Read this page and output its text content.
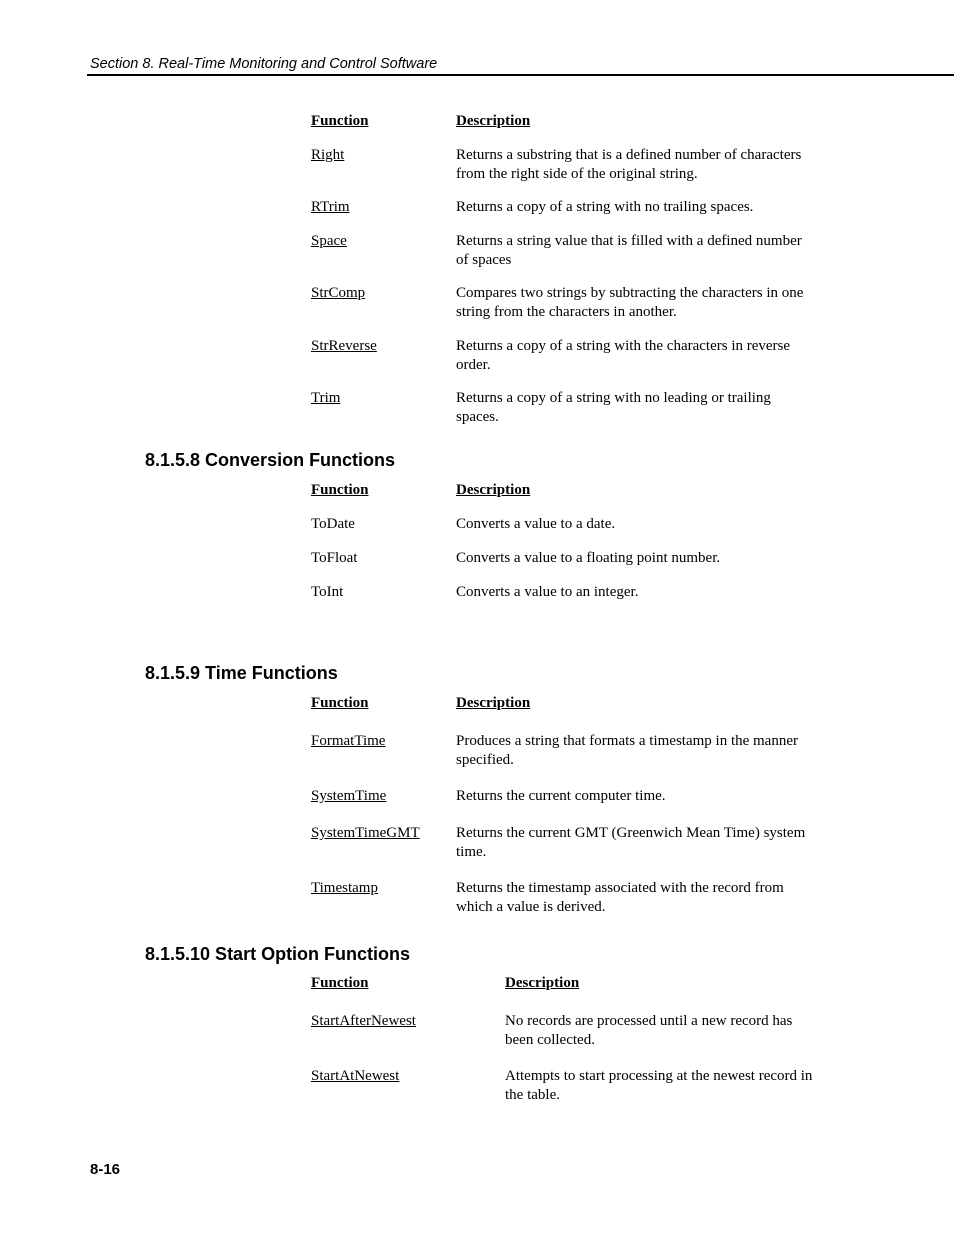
Section 8. Real-Time Monitoring and Control Software
Function	Description
Right	Returns a substring that is a defined number of characters from the right side of the original string.
RTrim	Returns a copy of a string with no trailing spaces.
Space	Returns a string value that is filled with a defined number of spaces
StrComp	Compares two strings by subtracting the characters in one string from the characters in another.
StrReverse	Returns a copy of a string with the characters in reverse order.
Trim	Returns a copy of a string with no leading or trailing spaces.
8.1.5.8 Conversion Functions
Function	Description
ToDate	Converts a value to a date.
ToFloat	Converts a value to a floating point number.
ToInt	Converts a value to an integer.
8.1.5.9 Time Functions
Function	Description
FormatTime	Produces a string that formats a timestamp in the manner specified.
SystemTime	Returns the current computer time.
SystemTimeGMT Returns the current GMT (Greenwich Mean Time) system time.
Timestamp	Returns the timestamp associated with the record from which a value is derived.
8.1.5.10 Start Option Functions
Function	Description
StartAfterNewest	No records are processed until a new record has been collected.
StartAtNewest	Attempts to start processing at the newest record in the table.
8-16
